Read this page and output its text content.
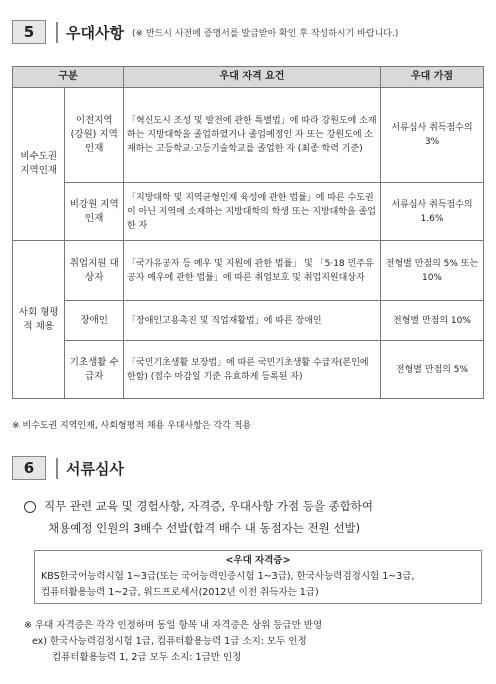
5	우대사항 (※ 반드시 사전에 증명서를 발급받아 확인 후 작성하시기 바랍니다.)
구분		우대 자격 요건	우대 가점
비수도권 지역인재	이전지역 (강원) 지역인재	「혁신도시 조성 및 발전에 관한 특별법」에 따라 강원도에 소재하는 지방대학을 졸업하였거나 졸업예정인 자 또는 강원도에 소재하는 고등학교·고등기술학교를 졸업한 자 (최종 학력 기준)	서류심사 취득점수의 3%
	비강원 지역인재	「지방대학 및 지역균형인재 육성에 관한 법률」에 따른 수도권이 아닌 지역에 소재하는 지방대학의 학생 또는 지방대학을 졸업한 자	서류심사 취득점수의 1.6%
사회 형평적 채용	취업지원 대상자	「국가유공자 등 예우 및 지원에 관한 법률」 및 「5·18 민주유공자 예우에 관한 법률」에 따른 취업보호 및 취업지원대상자	전형별 만점의 5% 또는 10%
	장애인	「장애인고용촉진 및 직업재활법」에 따른 장애인	전형별 만점의 10%
	기초생활 수급자	「국민기초생활 보장법」에 따른 국민기초생활 수급자(본인에 한함) (접수 마감일 기준 유효하게 등록된 자)	전형별 만점의 5%
※ 비수도권 지역인재, 사회형평적 채용 우대사항은 각각 적용
6	서류심사
직무 관련 교육 및 경험사항, 자격증, 우대사항 가점 등을 종합하여
채용예정 인원의 3배수 선발(합격 배수 내 동점자는 전원 선발)
<우대 자격증>
KBS한국어능력시험 1~3급(또는 국어능력인증시험 1~3급), 한국사능력검정시험 1~3급,
컴퓨터활용능력 1~2급, 워드프로세서(2012년 이전 취득자는 1급)
※ 우대 자격증은 각각 인정하며 동일 항목 내 자격증은 상위 등급만 반영
ex) 한국사능력검정시험 1급, 컴퓨터활용능력 1급 소지: 모두 인정
컴퓨터활용능력 1, 2급 모두 소지: 1급만 인정
